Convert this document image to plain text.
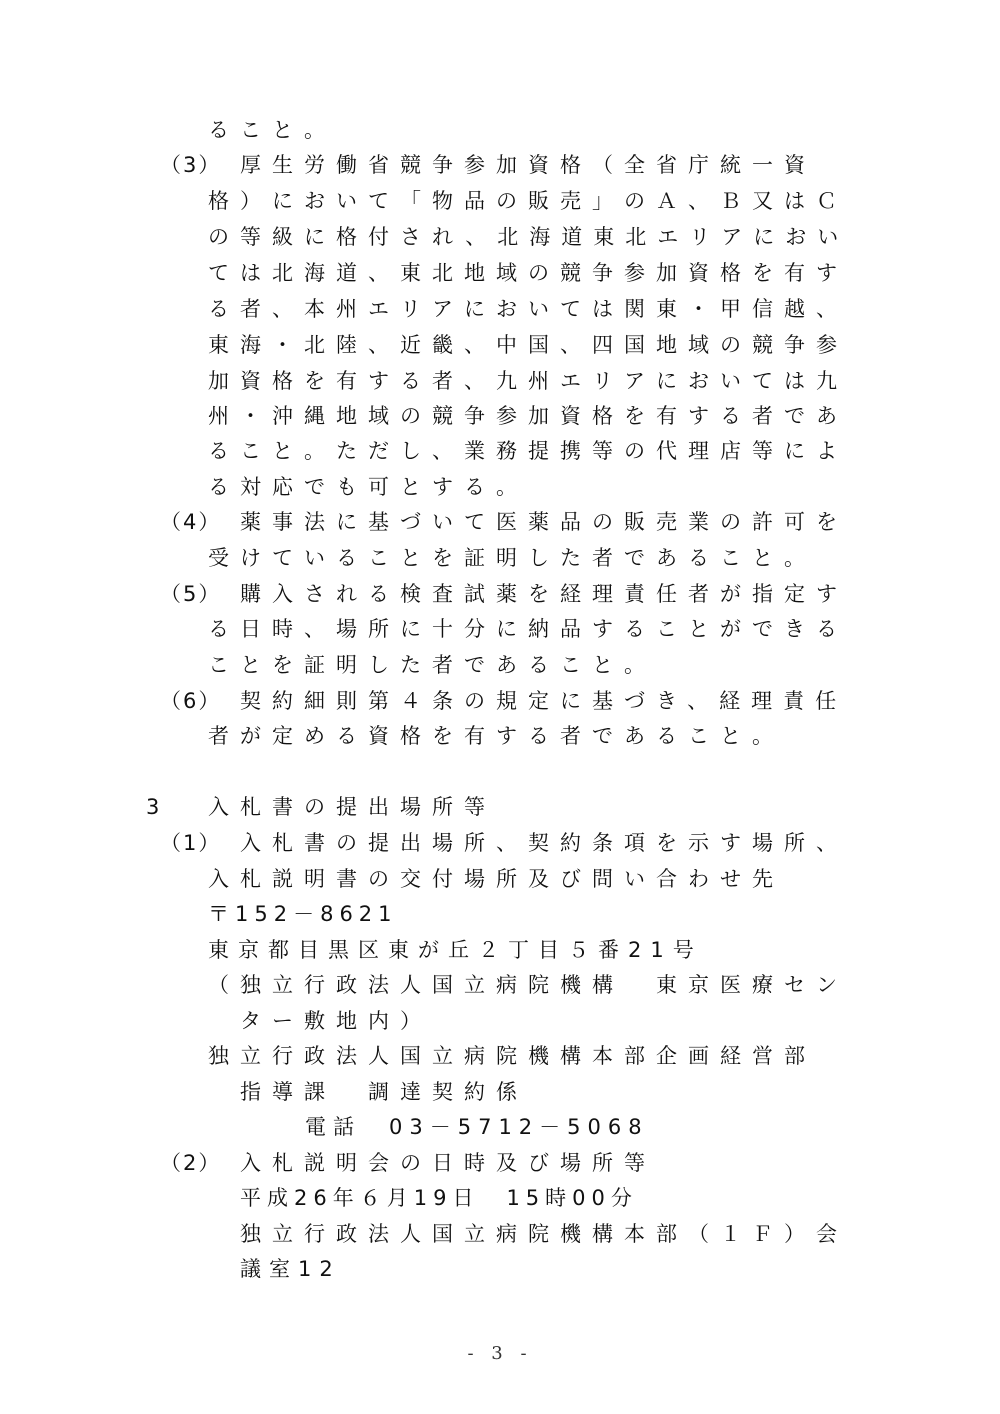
ること。
（3） 厚生労働省競争参加資格（全省庁統一資
格）において「物品の販売」のＡ、Ｂ又はＣ
の等級に格付され、北海道東北エリアにおい
ては北海道、東北地域の競争参加資格を有す
る者、本州エリアにおいては関東・甲信越、
東海・北陸、近畿、中国、四国地域の競争参
加資格を有する者、九州エリアにおいては九
州・沖縄地域の競争参加資格を有する者であ
ること。ただし、業務提携等の代理店等によ
る対応でも可とする。
（4） 薬事法に基づいて医薬品の販売業の許可を
受けていることを証明した者であること。
（5） 購入される検査試薬を経理責任者が指定す
る日時、場所に十分に納品することができる
ことを証明した者であること。
（6） 契約細則第４条の規定に基づき、経理責任
者が定める資格を有する者であること。
3 入札書の提出場所等
（1） 入札書の提出場所、契約条項を示す場所、
入札説明書の交付場所及び問い合わせ先
〒152－8621
東京都目黒区東が丘２丁目５番21号
（独立行政法人国立病院機構　東京医療セン
ター敷地内）
独立行政法人国立病院機構本部企画経営部
指導課　調達契約係
電話　03－5712－5068
（2） 入札説明会の日時及び場所等
平成26年６月19日　15時00分
独立行政法人国立病院機構本部（１Ｆ）会
議室12
- 3 -
